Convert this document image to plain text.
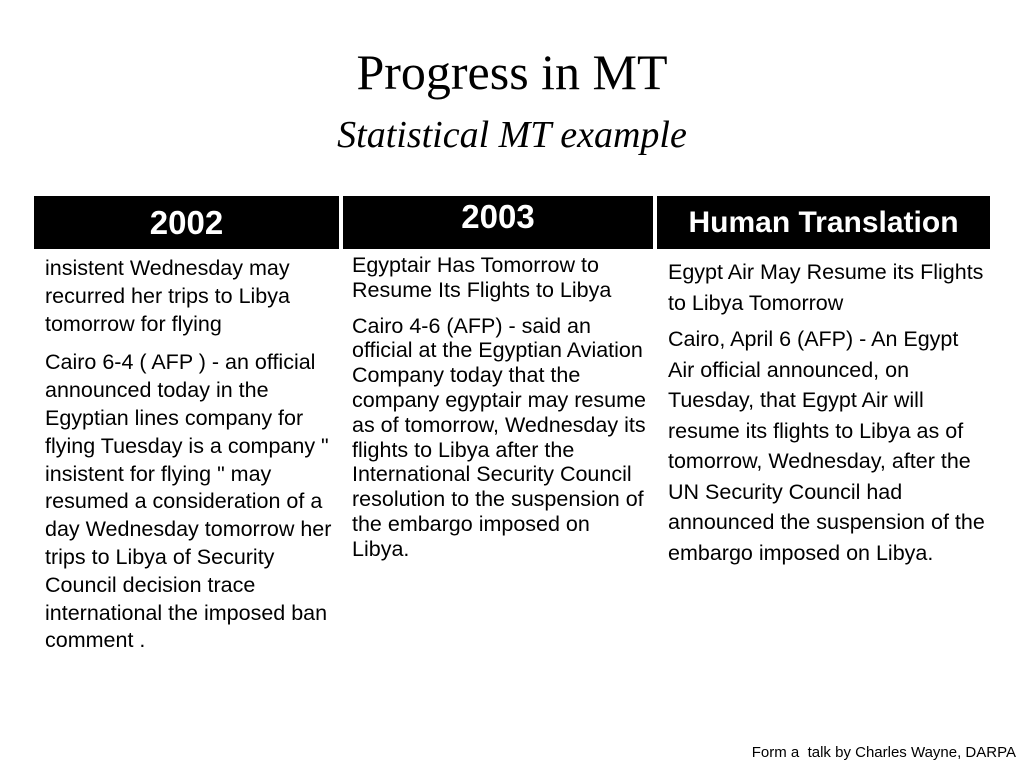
Progress in MT
Statistical MT example
2002	2003	Human Translation

insistent Wednesday may recurred her trips to Libya tomorrow for flying

Cairo 6-4 ( AFP ) - an official announced today in the Egyptian lines company for flying Tuesday is a company " insistent for flying " may resumed a consideration of a day Wednesday tomorrow her trips to Libya of Security Council decision trace international the imposed ban comment .

Egyptair Has Tomorrow to Resume Its Flights to Libya

Cairo 4-6 (AFP) - said an official at the Egyptian Aviation Company today that the company egyptair may resume as of tomorrow, Wednesday its flights to Libya after the International Security Council resolution to the suspension of the embargo imposed on Libya.

Egypt Air May Resume its Flights to Libya Tomorrow

Cairo, April 6 (AFP) - An Egypt Air official announced, on Tuesday, that Egypt Air will resume its flights to Libya as of tomorrow, Wednesday, after the UN Security Council had announced the suspension of the embargo imposed on Libya.

Form a  talk by Charles Wayne, DARPA
